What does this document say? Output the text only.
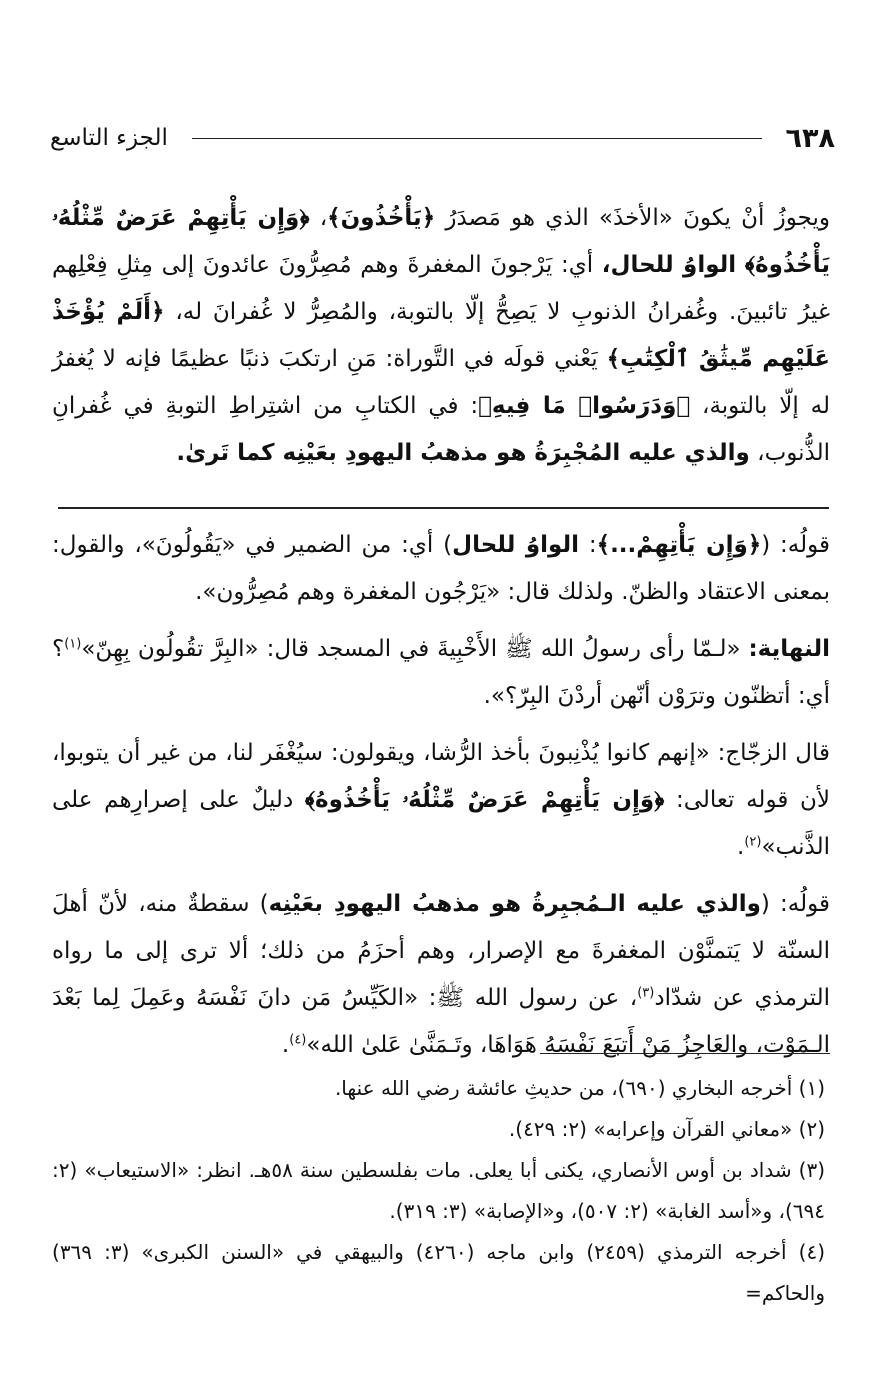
٦٣٨
الجزء التاسع

ويجوزُ أنْ يكونَ «الأخذَ» الذي هو مَصدَرُ ﴿يَأْخُذُونَ﴾، ﴿وَإِن يَأْتِهِمْ عَرَضٌ مِّثْلُهُۥ يَأْخُذُوهُ﴾ الواوُ للحال، أي: يَرْجونَ المغفرةَ وهم مُصِرُّونَ عائدونَ إلى مِثلِ فِعْلِهم غيرُ تائبينَ. وغُفرانُ الذنوبِ لا يَصِحُّ إلّا بالتوبة، والمُصِرُّ لا غُفرانَ له، ﴿أَلَمْ يُؤْخَذْ عَلَيْهِم مِّيثَٰقُ ٱلْكِتَٰبِ﴾ يَعْني قولَه في التَّوراة: مَنِ ارتكبَ ذنبًا عظيمًا فإنه لا يُغفرُ له إلّا بالتوبة، ﴿وَدَرَسُوا۟ مَا فِيهِ﴾: في الكتابِ من اشتِراطِ التوبةِ في غُفرانِ الذُّنوب، والذي عليه المُجْبِرَةُ هو مذهبُ اليهودِ بعَيْنِه كما تَرىٰ.

قولُه: (﴿وَإِن يَأْتِهِمْ...﴾: الواوُ للحال) أي: من الضمير في «يَقُولُونَ»، والقول: بمعنى الاعتقاد والظنّ. ولذلك قال: «يَرْجُون المغفرة وهم مُصِرُّون».

النهاية: «لـمّا رأى رسولُ الله ﷺ الأَخْبِيةَ في المسجد قال: «البِرَّ تقُولُون بِهِنّ»$^{(١)}$؟ أي: أتظنّون وترَوْن أنّهن أردْنَ البِرّ؟».

قال الزجّاج: «إنهم كانوا يُذْنِبونَ بأخذ الرُّشا، ويقولون: سيُغْفَر لنا، من غير أن يتوبوا، لأن قوله تعالى: ﴿وَإِن يَأْتِهِمْ عَرَضٌ مِّثْلُهُۥ يَأْخُذُوهُ﴾ دليلٌ على إصرارِهم على الذَّنب»$^{(٢)}$.

قولُه: (والذي عليه الـمُجبِرةُ هو مذهبُ اليهودِ بعَيْنِه) سقطةٌ منه، لأنّ أهلَ السنّة لا يَتمنَّوْن المغفرةَ مع الإصرار، وهم أحزَمُ من ذلك؛ ألا ترى إلى ما رواه الترمذي عن شدّاد$^{(٣)}$، عن رسول الله ﷺ: «الكَيِّسُ مَن دانَ نَفْسَهُ وعَمِلَ لِما بَعْدَ الـمَوْت، والعَاجِزُ مَنْ أَتبَعَ نَفْسَهُ هَوَاهَا، وتَـمَنَّىٰ عَلىٰ الله»$^{(٤)}$.

(١) أخرجه البخاري (٦٩٠)، من حديثِ عائشة رضي الله عنها.

(٢) «معاني القرآن وإعرابه» (٢: ٤٢٩).

(٣) شداد بن أوس الأنصاري، يكنى أبا يعلى. مات بفلسطين سنة ٥٨هـ. انظر: «الاستيعاب» (٢: ٦٩٤)، و«أسد الغابة» (٢: ٥٠٧)، و«الإصابة» (٣: ٣١٩).

(٤) أخرجه الترمذي (٢٤٥٩) وابن ماجه (٤٢٦٠) والبيهقي في «السنن الكبرى» (٣: ٣٦٩) والحاكم=
